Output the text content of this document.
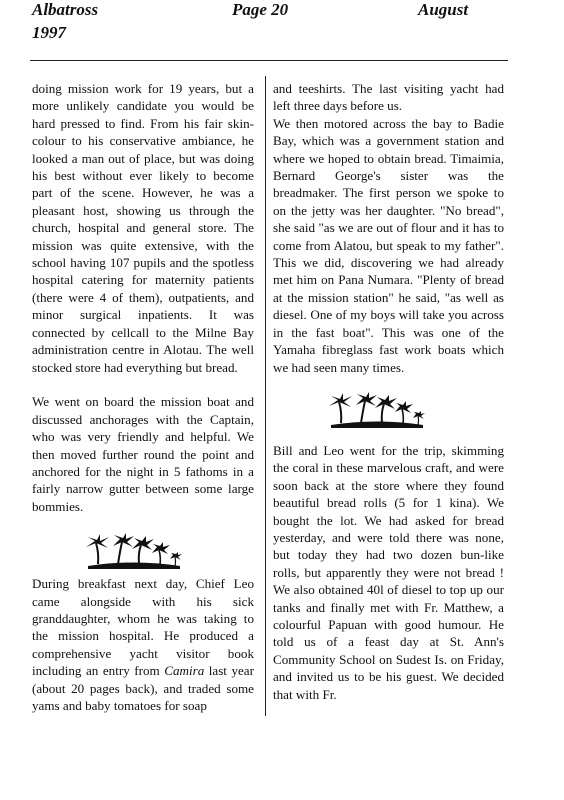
Albatross
1997
Page 20	August

doing mission work for 19 years, but a more unlikely candidate you would be hard pressed to find. From his fair skin-colour to his conservative ambiance, he looked a man out of place, but was doing his best without ever likely to become part of the scene. However, he was a pleasant host, showing us through the church, hospital and general store. The mission was quite extensive, with the school having 107 pupils and the spotless hospital catering for maternity patients (there were 4 of them), outpatients, and minor surgical inpatients. It was connected by cellcall to the Milne Bay administration centre in Alotau. The well stocked store had everything but bread.

We went on board the mission boat and discussed anchorages with the Captain, who was very friendly and helpful. We then moved further round the point and anchored for the night in 5 fathoms in a fairly narrow gutter between some large bommies.

During breakfast next day, Chief Leo came alongside with his sick granddaughter, whom he was taking to the mission hospital. He produced a comprehensive yacht visitor book including an entry from Camira last year (about 20 pages back), and traded some yams and baby tomatoes for soap

and teeshirts. The last visiting yacht had left three days before us.

We then motored across the bay to Badie Bay, which was a government station and where we hoped to obtain bread. Timaimia, Bernard George's sister was the breadmaker. The first person we spoke to on the jetty was her daughter. "No bread", she said "as we are out of flour and it has to come from Alatou, but speak to my father". This we did, discovering we had already met him on Pana Numara. "Plenty of bread at the mission station" he said, "as well as diesel. One of my boys will take you across in the fast boat". This was one of the Yamaha fibreglass fast work boats which we had seen many times.

Bill and Leo went for the trip, skimming the coral in these marvelous craft, and were soon back at the store where they found beautiful bread rolls (5 for 1 kina). We bought the lot. We had asked for bread yesterday, and were told there was none, but today they had two dozen bun-like rolls, but apparently they were not bread ! We also obtained 40l of diesel to top up our tanks and finally met with Fr. Matthew, a colourful Papuan with good humour. He told us of a feast day at St. Ann's Community School on Sudest Is. on Friday, and invited us to be his guest. We decided that with Fr.
